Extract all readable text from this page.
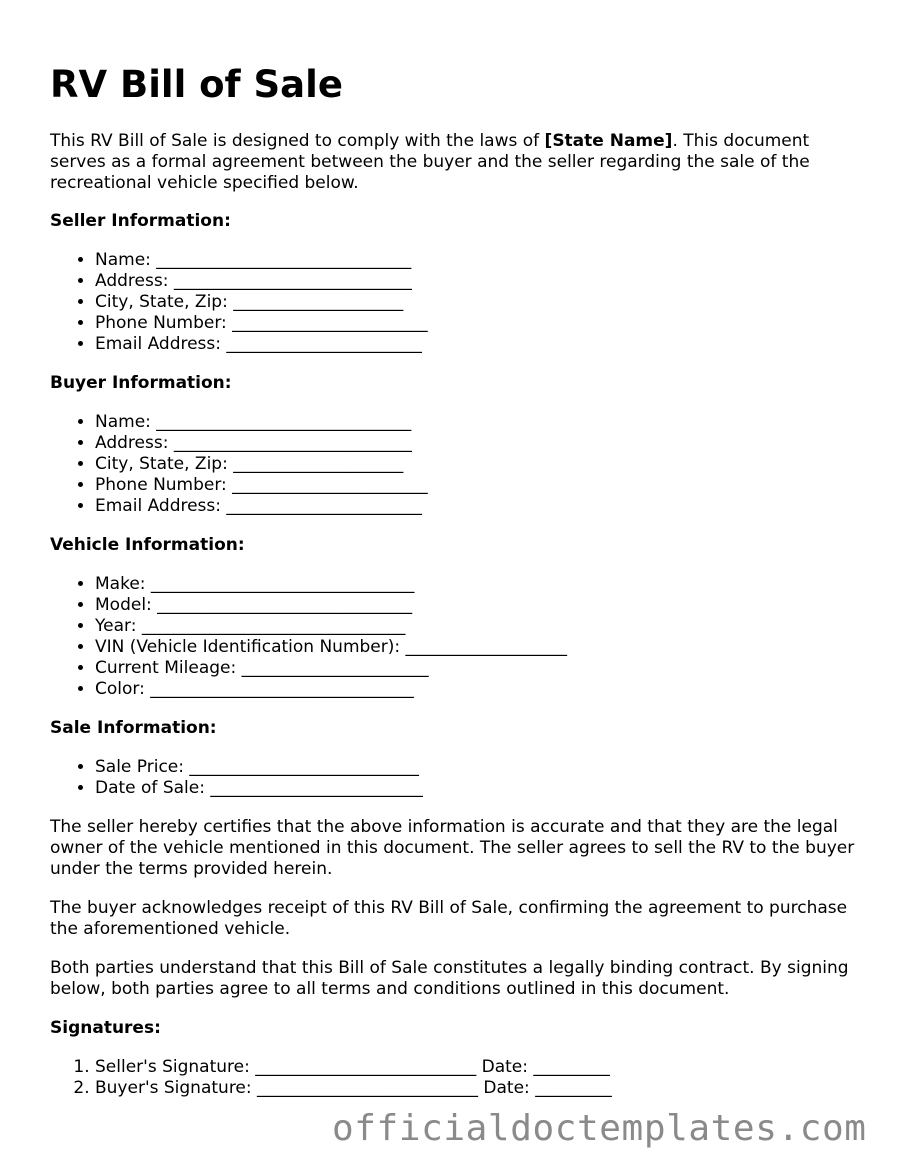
RV Bill of Sale

This RV Bill of Sale is designed to comply with the laws of [State Name]. This document serves as a formal agreement between the buyer and the seller regarding the sale of the recreational vehicle specified below.

Seller Information:
• Name: ______________________________
• Address: ____________________________
• City, State, Zip: ____________________
• Phone Number: _______________________
• Email Address: _______________________
Buyer Information:
• Name: ______________________________
• Address: ____________________________
• City, State, Zip: ____________________
• Phone Number: _______________________
• Email Address: _______________________
Vehicle Information:
• Make: _______________________________
• Model: ______________________________
• Year: _______________________________
• VIN (Vehicle Identification Number): ___________________
• Current Mileage: ______________________
• Color: _______________________________
Sale Information:
• Sale Price: ___________________________
• Date of Sale: _________________________

The seller hereby certifies that the above information is accurate and that they are the legal owner of the vehicle mentioned in this document. The seller agrees to sell the RV to the buyer under the terms provided herein.

The buyer acknowledges receipt of this RV Bill of Sale, confirming the agreement to purchase the aforementioned vehicle.

Both parties understand that this Bill of Sale constitutes a legally binding contract. By signing below, both parties agree to all terms and conditions outlined in this document.

Signatures:
1. Seller's Signature: __________________________ Date: _________
2. Buyer's Signature: __________________________ Date: _________
officialdoctemplates.com
